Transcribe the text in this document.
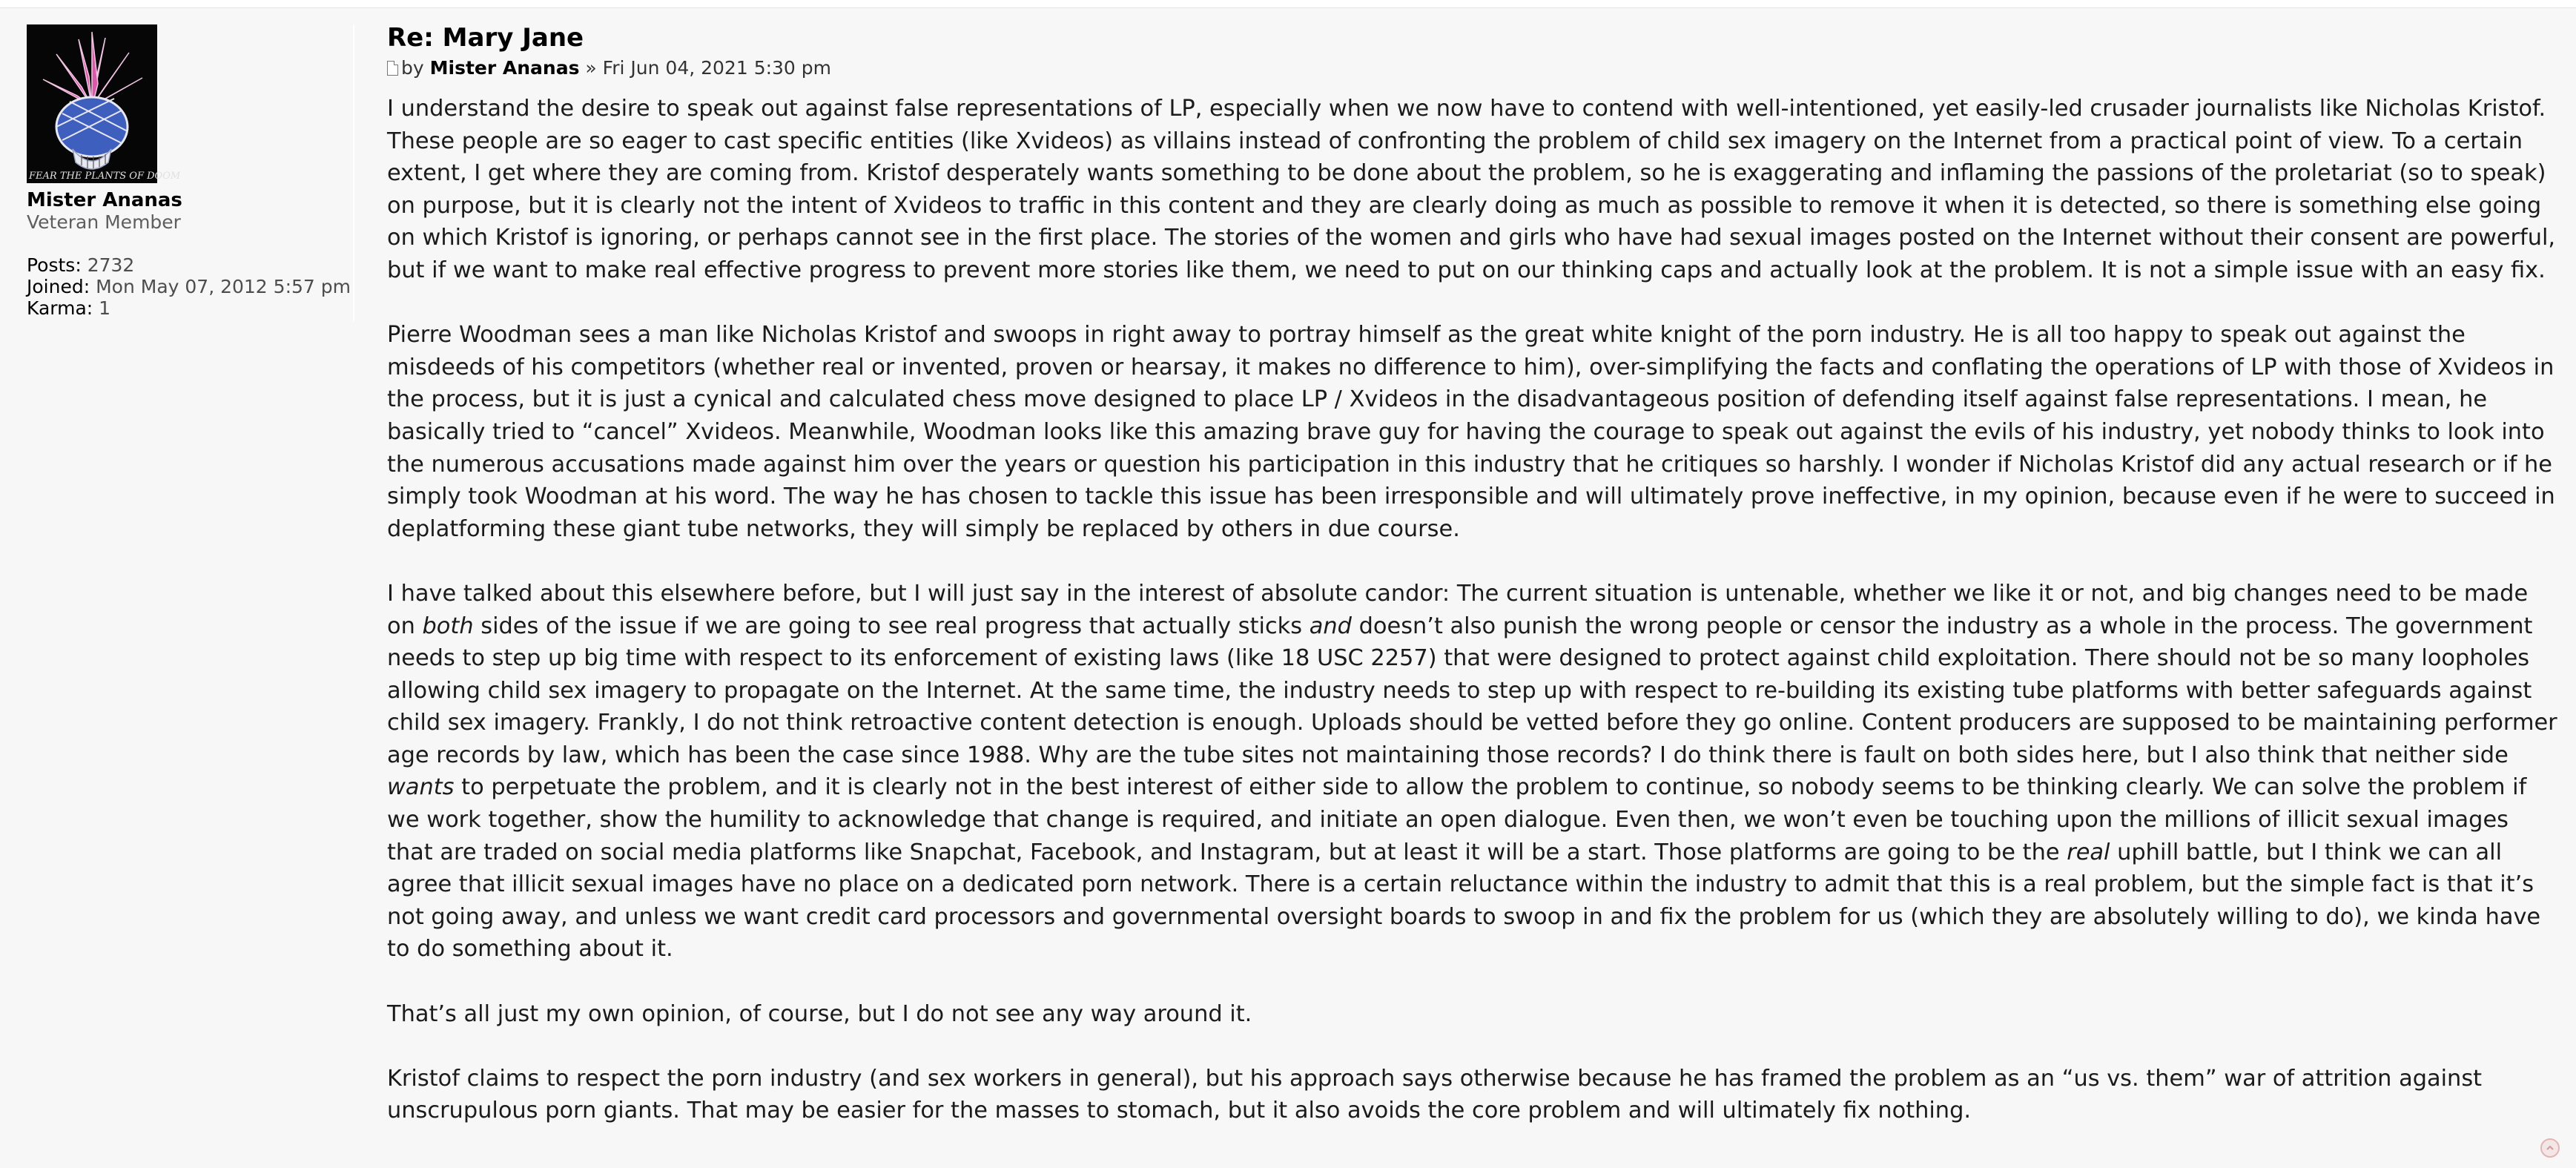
FEAR THE PLANTS OF DOOM
Mister Ananas
Veteran Member
Posts: 2732
Joined: Mon May 07, 2012 5:57 pm
Karma: 1
Re: Mary Jane
by Mister Ananas » Fri Jun 04, 2021 5:30 pm

I understand the desire to speak out against false representations of LP, especially when we now have to contend with well-intentioned, yet easily-led crusader journalists like Nicholas Kristof. These people are so eager to cast specific entities (like Xvideos) as villains instead of confronting the problem of child sex imagery on the Internet from a practical point of view. To a certain extent, I get where they are coming from. Kristof desperately wants something to be done about the problem, so he is exaggerating and inflaming the passions of the proletariat (so to speak) on purpose, but it is clearly not the intent of Xvideos to traffic in this content and they are clearly doing as much as possible to remove it when it is detected, so there is something else going on which Kristof is ignoring, or perhaps cannot see in the first place. The stories of the women and girls who have had sexual images posted on the Internet without their consent are powerful, but if we want to make real effective progress to prevent more stories like them, we need to put on our thinking caps and actually look at the problem. It is not a simple issue with an easy fix.

Pierre Woodman sees a man like Nicholas Kristof and swoops in right away to portray himself as the great white knight of the porn industry. He is all too happy to speak out against the misdeeds of his competitors (whether real or invented, proven or hearsay, it makes no difference to him), over-simplifying the facts and conflating the operations of LP with those of Xvideos in the process, but it is just a cynical and calculated chess move designed to place LP / Xvideos in the disadvantageous position of defending itself against false representations. I mean, he basically tried to “cancel” Xvideos. Meanwhile, Woodman looks like this amazing brave guy for having the courage to speak out against the evils of his industry, yet nobody thinks to look into the numerous accusations made against him over the years or question his participation in this industry that he critiques so harshly. I wonder if Nicholas Kristof did any actual research or if he simply took Woodman at his word. The way he has chosen to tackle this issue has been irresponsible and will ultimately prove ineffective, in my opinion, because even if he were to succeed in deplatforming these giant tube networks, they will simply be replaced by others in due course.

I have talked about this elsewhere before, but I will just say in the interest of absolute candor: The current situation is untenable, whether we like it or not, and big changes need to be made on both sides of the issue if we are going to see real progress that actually sticks and doesn’t also punish the wrong people or censor the industry as a whole in the process. The government needs to step up big time with respect to its enforcement of existing laws (like 18 USC 2257) that were designed to protect against child exploitation. There should not be so many loopholes allowing child sex imagery to propagate on the Internet. At the same time, the industry needs to step up with respect to re-building its existing tube platforms with better safeguards against child sex imagery. Frankly, I do not think retroactive content detection is enough. Uploads should be vetted before they go online. Content producers are supposed to be maintaining performer age records by law, which has been the case since 1988. Why are the tube sites not maintaining those records? I do think there is fault on both sides here, but I also think that neither side wants to perpetuate the problem, and it is clearly not in the best interest of either side to allow the problem to continue, so nobody seems to be thinking clearly. We can solve the problem if we work together, show the humility to acknowledge that change is required, and initiate an open dialogue. Even then, we won’t even be touching upon the millions of illicit sexual images that are traded on social media platforms like Snapchat, Facebook, and Instagram, but at least it will be a start. Those platforms are going to be the real uphill battle, but I think we can all agree that illicit sexual images have no place on a dedicated porn network. There is a certain reluctance within the industry to admit that this is a real problem, but the simple fact is that it’s not going away, and unless we want credit card processors and governmental oversight boards to swoop in and fix the problem for us (which they are absolutely willing to do), we kinda have to do something about it.

That’s all just my own opinion, of course, but I do not see any way around it.

Kristof claims to respect the porn industry (and sex workers in general), but his approach says otherwise because he has framed the problem as an “us vs. them” war of attrition against unscrupulous porn giants. That may be easier for the masses to stomach, but it also avoids the core problem and will ultimately fix nothing.
